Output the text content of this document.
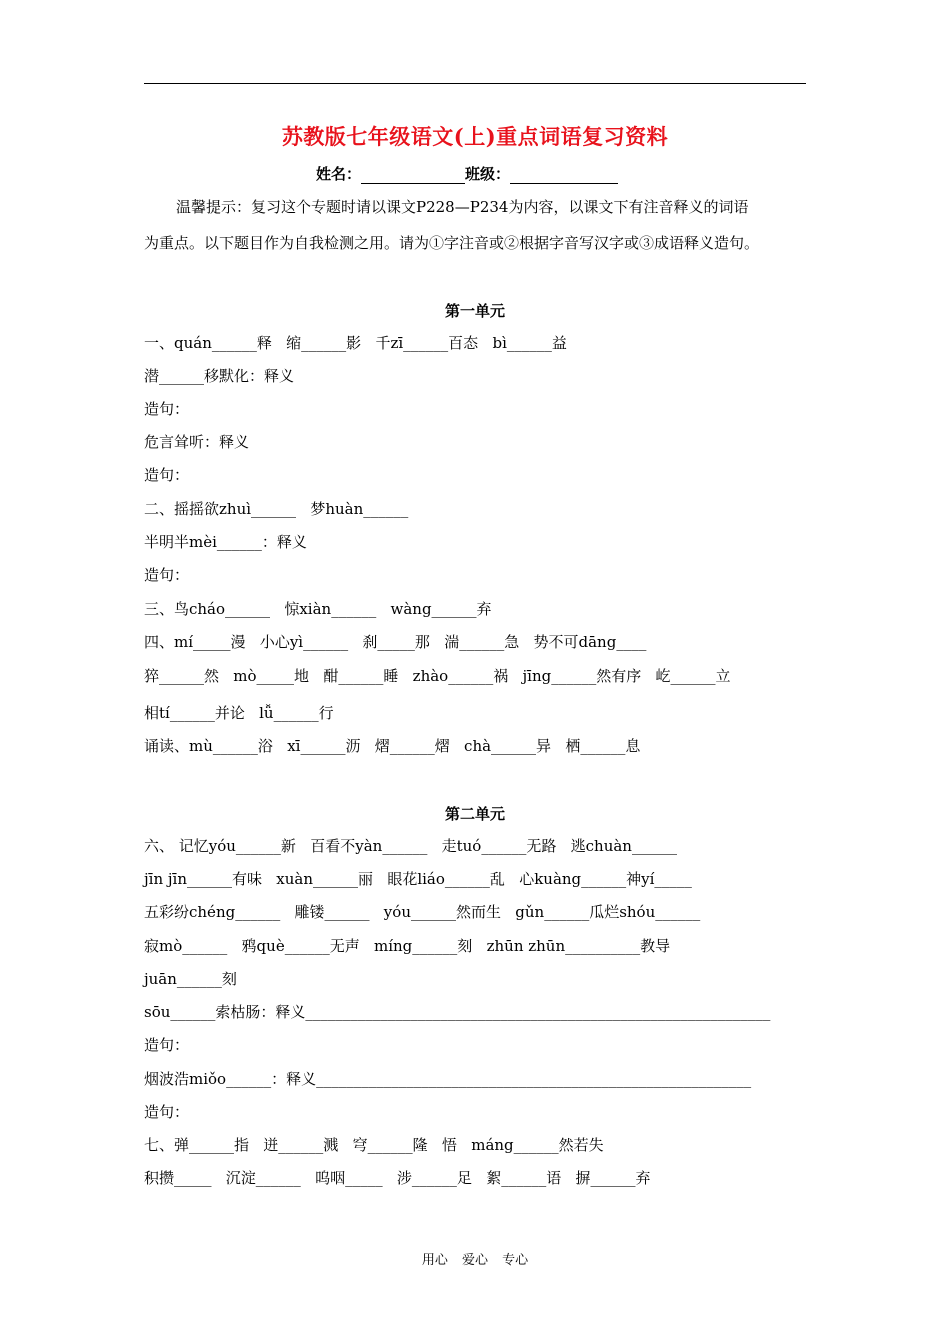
苏教版七年级语文(上)重点词语复习资料
姓名：	班级：
温馨提示：复习这个专题时请以课文P228—P234为内容，以课文下有注音释义的词语
为重点。以下题目作为自我检测之用。请为①字注音或②根据字音写汉字或③成语释义造句。
第一单元
一、quán______释   缩______影   千zī______百态   bì______益
潜______移默化：释义
造句：
危言耸听：释义
造句：
二、摇摇欲zhuì______   梦huàn______
半明半mèi______：释义
造句：
三、鸟cháo______   惊xiàn______   wàng______弃
四、mí_____漫   小心yì______   刹_____那   湍______急   势不可dāng____
猝______然   mò_____地   酣______睡   zhào______祸   jīng______然有序   屹______立
相tí______并论   lǚ______行
诵读、mù______浴   xī______沥   熠______熠   chà______异   栖______息
第二单元
六、 记忆yóu______新   百看不yàn______   走tuó______无路   逃chuàn______
jīn jīn______有味   xuàn______丽   眼花liáo______乱   心kuàng______神yí_____
五彩纷chéng______   雕镂______   yóu______然而生   gǔn______瓜烂shóu______
寂mò______   鸦què______无声   míng______刻   zhūn zhūn__________教导
juān______刻
sōu______索枯肠：释义______________________________________________________________
造句：
烟波浩miǒo______：释义__________________________________________________________
造句：
七、弹______指   迸______溅   穹______隆   悟   máng______然若失
积攒_____   沉淀______   呜咽_____   涉______足   絮______语   摒______弃
用心 爱心 专心
